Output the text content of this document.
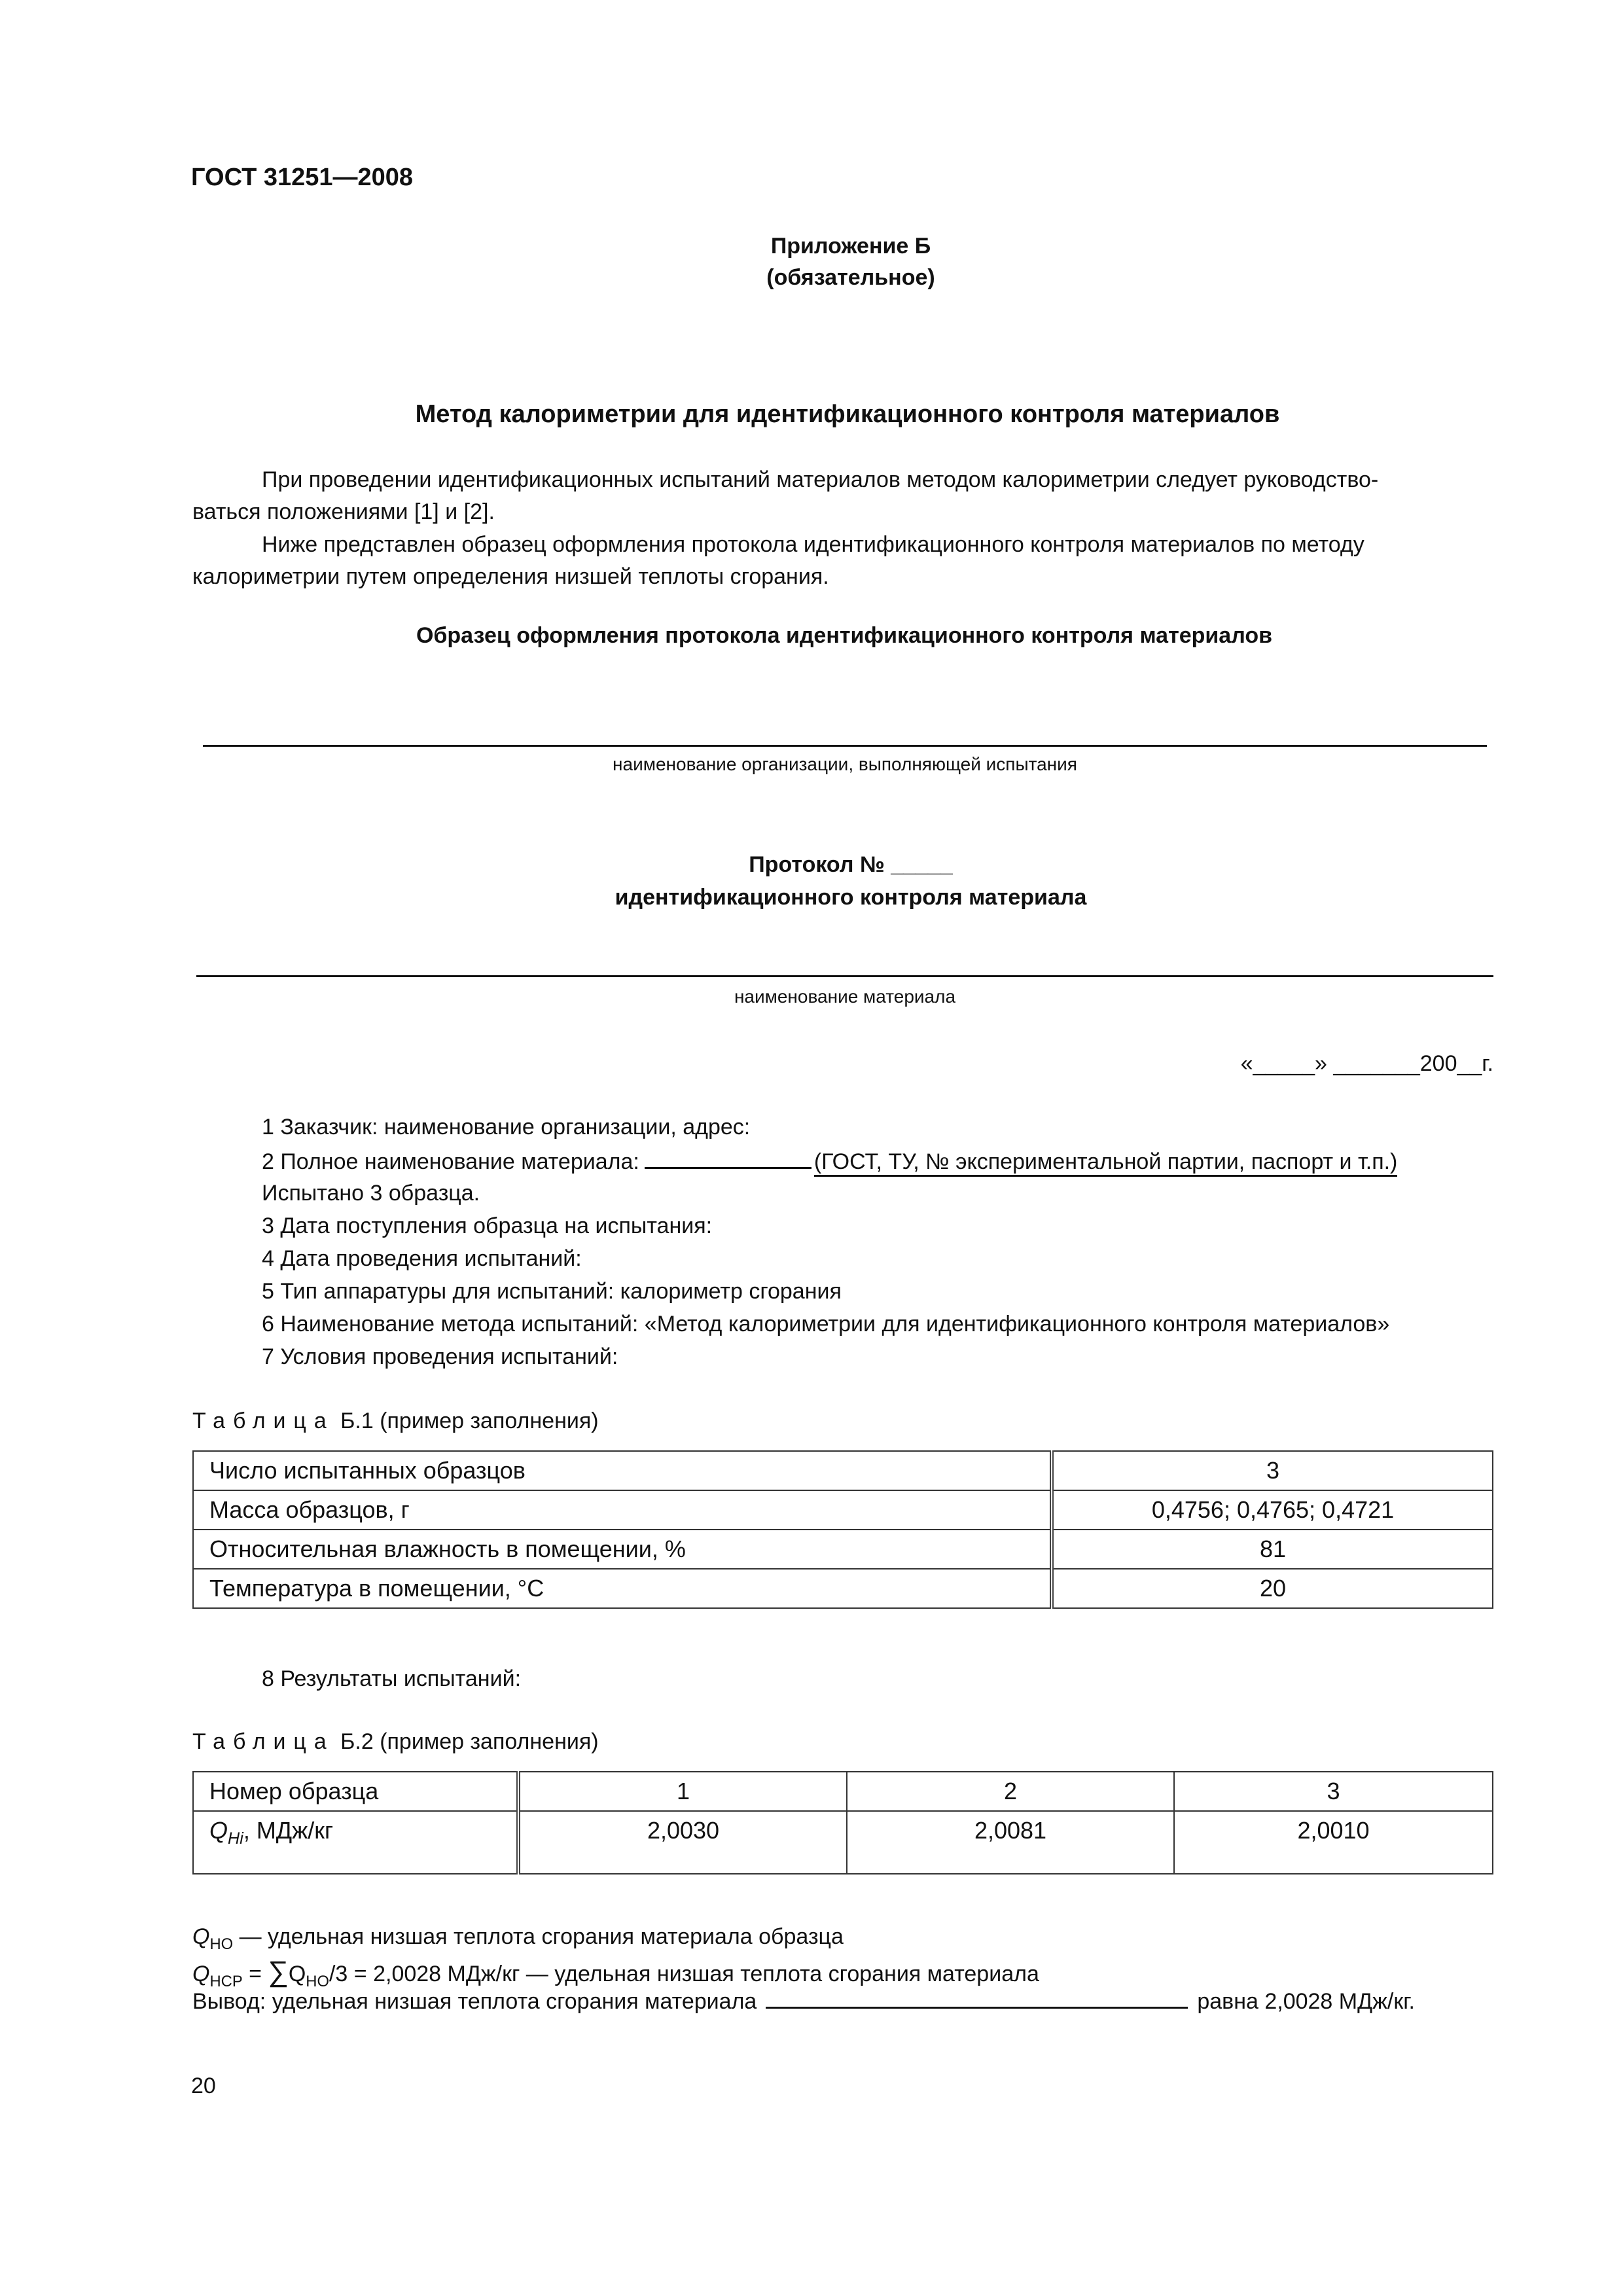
ГОСТ 31251—2008
Приложение Б
(обязательное)
Метод калориметрии для идентификационного контроля материалов
При проведении идентификационных испытаний материалов методом калориметрии следует руководство-
ваться положениями [1] и [2].
Ниже представлен образец оформления протокола идентификационного контроля материалов по методу
калориметрии путем определения низшей теплоты сгорания.
Образец оформления протокола идентификационного контроля материалов
наименование организации, выполняющей испытания
Протокол № _____
идентификационного контроля материала
наименование материала
«_____» _______200__г.
1 Заказчик: наименование организации, адрес:
2 Полное наименование материала:	(ГОСТ, ТУ, № экспериментальной партии, паспорт и т.п.)
Испытано 3 образца.
3 Дата поступления образца на испытания:
4 Дата проведения испытаний:
5 Тип аппаратуры для испытаний: калориметр сгорания
6 Наименование метода испытаний: «Метод калориметрии для идентификационного контроля материалов»
7 Условия проведения испытаний:
Таблица Б.1 (пример заполнения)
Число испытанных образцов	3
Масса образцов, г	0,4756; 0,4765; 0,4721
Относительная влажность в помещении, %	81
Температура в помещении, °C	20
8 Результаты испытаний:
Таблица Б.2 (пример заполнения)
Номер образца	1	2	3
$Q_{Hi}$, МДж/кг	2,0030	2,0081	2,0010
$Q_{НО}$ — удельная низшая теплота сгорания материала образца
$Q_{НСР} = \sum Q_{НО}/3 = 2,0028$ МДж/кг — удельная низшая теплота сгорания материала
Вывод: удельная низшая теплота сгорания материала	равна 2,0028 МДж/кг.
20
